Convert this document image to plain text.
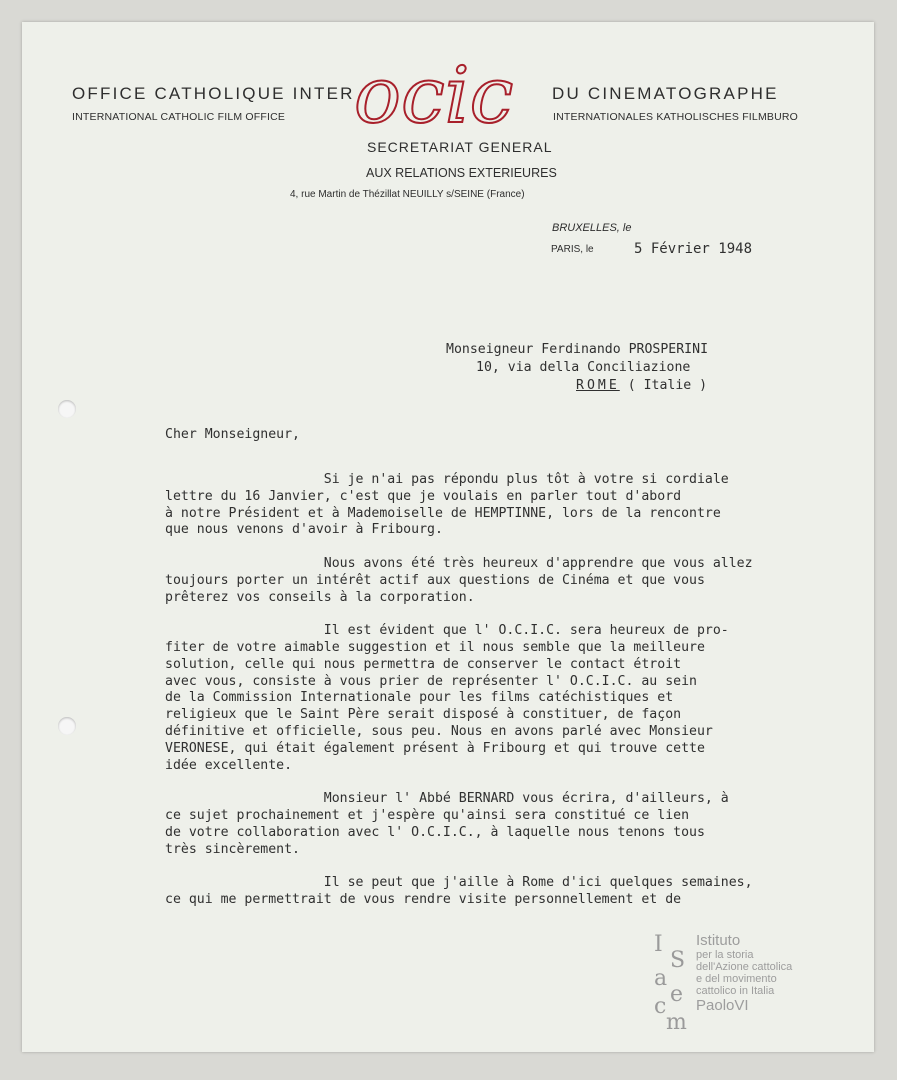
OFFICE CATHOLIQUE INTER	DU CINEMATOGRAPHE
ocic
INTERNATIONAL CATHOLIC FILM OFFICE	INTERNATIONALES KATHOLISCHES FILMBURO
SECRETARIAT GENERAL
AUX RELATIONS EXTERIEURES
4, rue Martin de Thézillat NEUILLY s/SEINE (France)
BRUXELLES, le
PARIS, le	5 Février 1948
Monseigneur Ferdinando PROSPERINI
10, via della Conciliazione
ROME ( Italie )
Cher Monseigneur,
Si je n'ai pas répondu plus tôt à votre si cordiale
lettre du 16 Janvier, c'est que je voulais en parler tout d'abord
à notre Président et à Mademoiselle de HEMPTINNE, lors de la rencontre
que nous venons d'avoir à Fribourg.
Nous avons été très heureux d'apprendre que vous allez
toujours porter un intérêt actif aux questions de Cinéma et que vous
prêterez vos conseils à la corporation.
Il est évident que l' O.C.I.C. sera heureux de pro-
fiter de votre aimable suggestion et il nous semble que la meilleure
solution, celle qui nous permettra de conserver le contact étroit
avec vous, consiste à vous prier de représenter l' O.C.I.C. au sein
de la Commission Internationale pour les films catéchistiques et
religieux que le Saint Père serait disposé à constituer, de façon
définitive et officielle, sous peu. Nous en avons parlé avec Monsieur
VERONESE, qui était également présent à Fribourg et qui trouve cette
idée excellente.
Monsieur l' Abbé BERNARD vous écrira, d'ailleurs, à
ce sujet prochainement et j'espère qu'ainsi sera constitué ce lien
de votre collaboration avec l' O.C.I.C., à laquelle nous tenons tous
très sincèrement.
Il se peut que j'aille à Rome d'ici quelques semaines,
ce qui me permettrait de vous rendre visite personnellement et de
I
S
a
e
c
m
Istituto
per la storia
dell'Azione cattolica
e del movimento
cattolico in Italia
PaoloVI
